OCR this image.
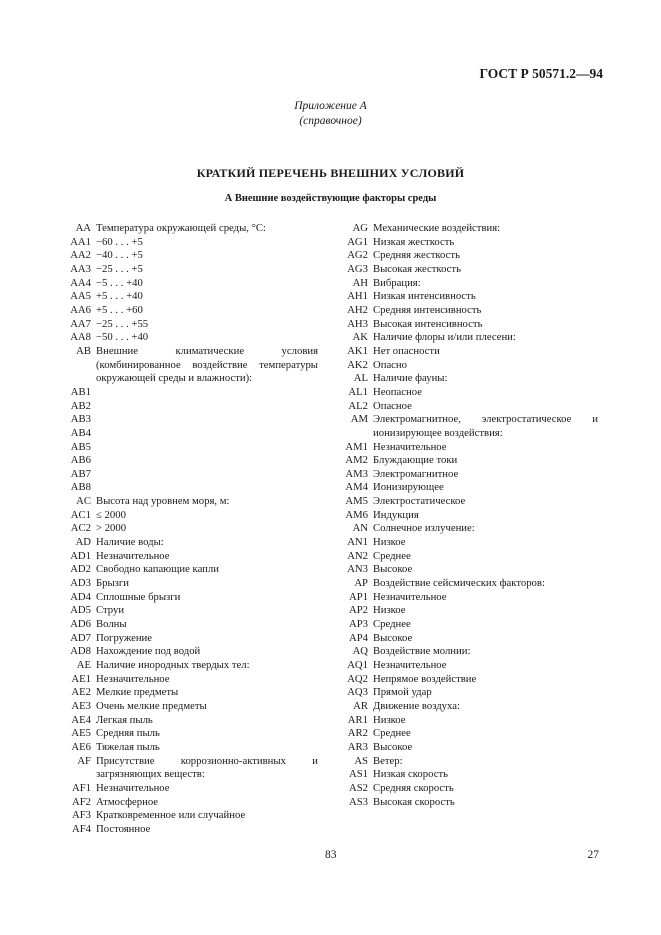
ГОСТ Р 50571.2—94
Приложение А
(справочное)
КРАТКИЙ ПЕРЕЧЕНЬ ВНЕШНИХ УСЛОВИЙ
А Внешние воздействующие факторы среды
AA Температура окружающей среды, °С:
AA1 −60 . . . +5
AA2 −40 . . . +5
AA3 −25 . . . +5
AA4 −5 . . . +40
AA5 +5 . . . +40
AA6 +5 . . . +60
AA7 −25 . . . +55
AA8 −50 . . . +40
AB Внешние климатические условия (комбинированное воздействие температуры окружающей среды и влажности):
AB1
AB2
AB3
AB4
AB5
AB6
AB7
AB8
AC Высота над уровнем моря, м:
AC1 ≤ 2000
AC2 > 2000
AD Наличие воды:
AD1 Незначительное
AD2 Свободно капающие капли
AD3 Брызги
AD4 Сплошные брызги
AD5 Струи
AD6 Волны
AD7 Погружение
AD8 Нахождение под водой
AE Наличие инородных твердых тел:
AE1 Незначительное
AE2 Мелкие предметы
AE3 Очень мелкие предметы
AE4 Легкая пыль
AE5 Средняя пыль
AE6 Тяжелая пыль
AF Присутствие коррозионно-активных и загрязняющих веществ:
AF1 Незначительное
AF2 Атмосферное
AF3 Кратковременное или случайное
AF4 Постоянное
AG Механические воздействия:
AG1 Низкая жесткость
AG2 Средняя жесткость
AG3 Высокая жесткость
AH Вибрация:
AH1 Низкая интенсивность
AH2 Средняя интенсивность
AH3 Высокая интенсивность
AK Наличие флоры и/или плесени:
AK1 Нет опасности
AK2 Опасно
AL Наличие фауны:
AL1 Неопасное
AL2 Опасное
AM Электромагнитное, электростатическое и ионизирующее воздействия:
AM1 Незначительное
AM2 Блуждающие токи
AM3 Электромагнитное
AM4 Ионизирующее
AM5 Электростатическое
AM6 Индукция
AN Солнечное излучение:
AN1 Низкое
AN2 Среднее
AN3 Высокое
AP Воздействие сейсмических факторов:
AP1 Незначительное
AP2 Низкое
AP3 Среднее
AP4 Высокое
AQ Воздействие молнии:
AQ1 Незначительное
AQ2 Непрямое воздействие
AQ3 Прямой удар
AR Движение воздуха:
AR1 Низкое
AR2 Среднее
AR3 Высокое
AS Ветер:
AS1 Низкая скорость
AS2 Средняя скорость
AS3 Высокая скорость
83	27
